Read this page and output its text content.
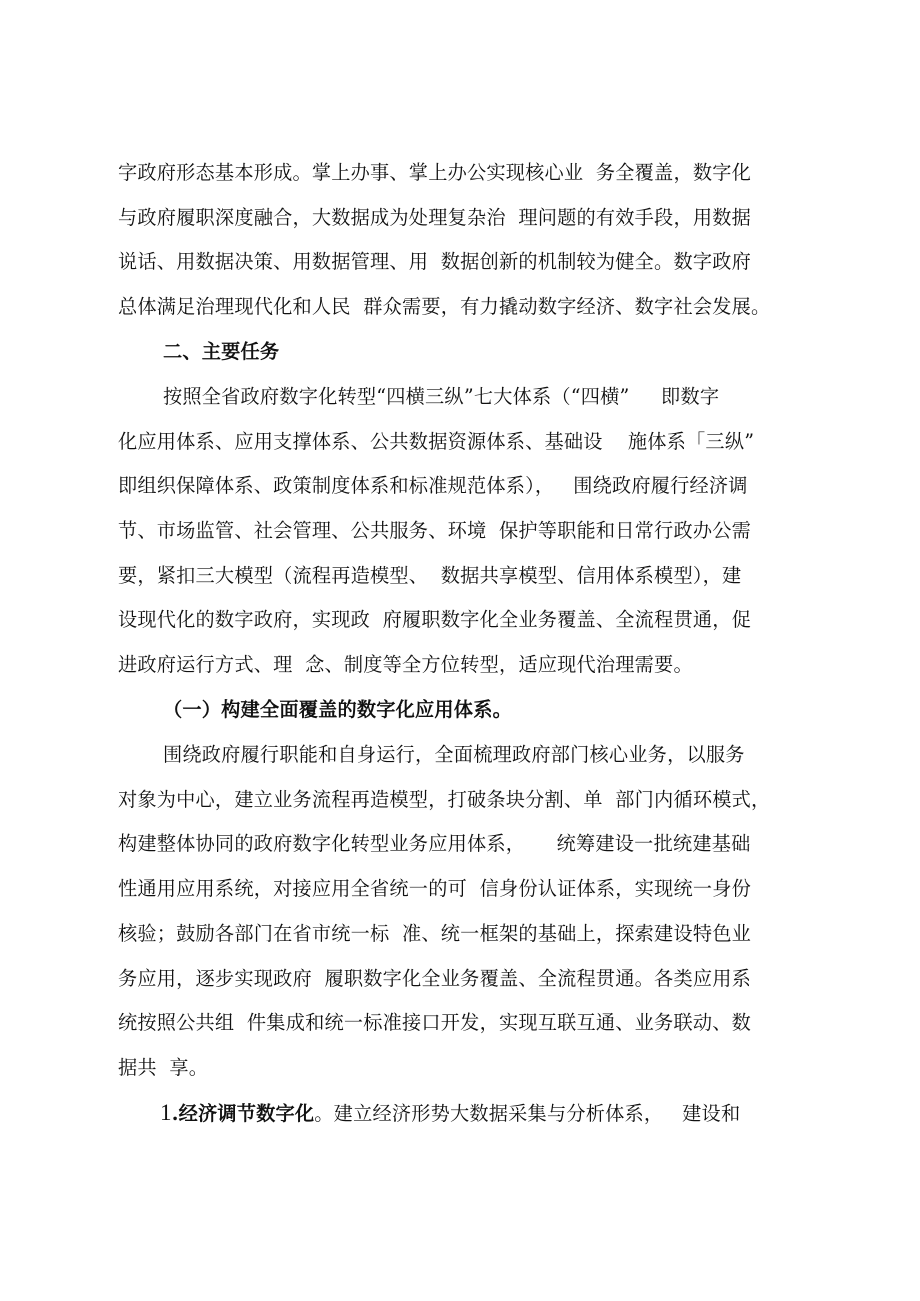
字政府形态基本形成。掌上办事、掌上办公实现核心业  务全覆盖，数字化
与政府履职深度融合，大数据成为处理复杂治  理问题的有效手段，用数据
说话、用数据决策、用数据管理、用  数据创新的机制较为健全。数字政府
总体满足治理现代化和人民  群众需要，有力撬动数字经济、数字社会发展。
二、主要任务
按照全省政府数字化转型“四横三纵”七大体系（“四横”     即数字
化应用体系、应用支撑体系、公共数据资源体系、基础设    施体系「三纵”
即组织保障体系、政策制度体系和标准规范体系），   围绕政府履行经济调
节、市场监管、社会管理、公共服务、环境  保护等职能和日常行政办公需
要，紧扣三大模型（流程再造模型、  数据共享模型、信用体系模型），建
设现代化的数字政府，实现政  府履职数字化全业务覆盖、全流程贯通，促
进政府运行方式、理  念、制度等全方位转型，适应现代治理需要。
（一）构建全面覆盖的数字化应用体系。
围绕政府履行职能和自身运行，全面梳理政府部门核心业务，以服务
对象为中心，建立业务流程再造模型，打破条块分割、单  部门内循环模式，
构建整体协同的政府数字化转型业务应用体系，     统筹建设一批统建基础
性通用应用系统，对接应用全省统一的可  信身份认证体系，实现统一身份
核验；鼓励各部门在省市统一标  准、统一框架的基础上，探索建设特色业
务应用，逐步实现政府  履职数字化全业务覆盖、全流程贯通。各类应用系
统按照公共组  件集成和统一标准接口开发，实现互联互通、业务联动、数
据共  享。
1.经济调节数字化。建立经济形势大数据采集与分析体系，   建设和
